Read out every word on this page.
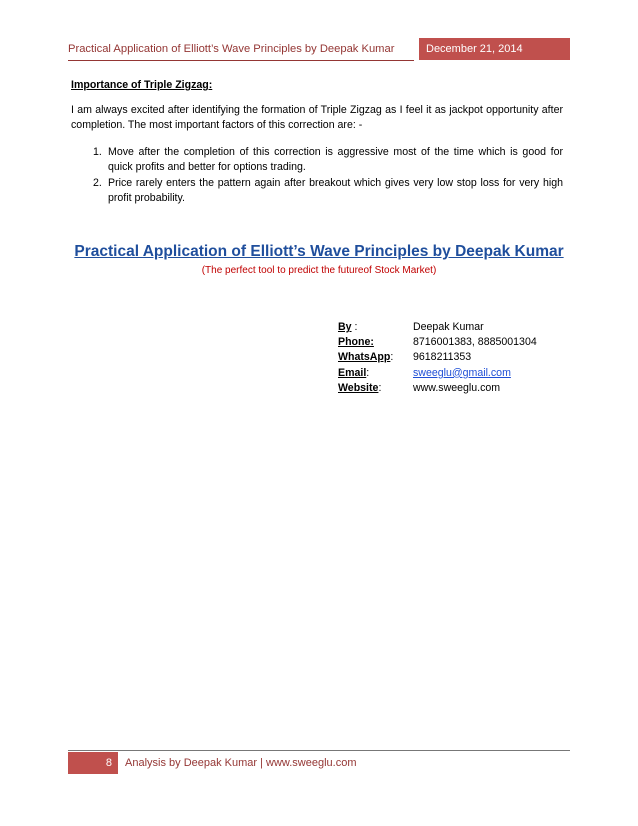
Practical Application of Elliott’s Wave Principles by Deepak Kumar	December 21, 2014
Importance of Triple Zigzag:
I am always excited after identifying the formation of Triple Zigzag as I feel it as jackpot opportunity after completion. The most important factors of this correction are: -
1. Move after the completion of this correction is aggressive most of the time which is good for quick profits and better for options trading.
2. Price rarely enters the pattern again after breakout which gives very low stop loss for very high profit probability.
Practical Application of Elliott’s Wave Principles by Deepak Kumar
(The perfect tool to predict the futureof Stock Market)
By :	Deepak Kumar
Phone:	8716001383, 8885001304
WhatsApp:	9618211353
Email:	sweeglu@gmail.com
Website:	www.sweeglu.com
8	Analysis by Deepak Kumar | www.sweeglu.com
